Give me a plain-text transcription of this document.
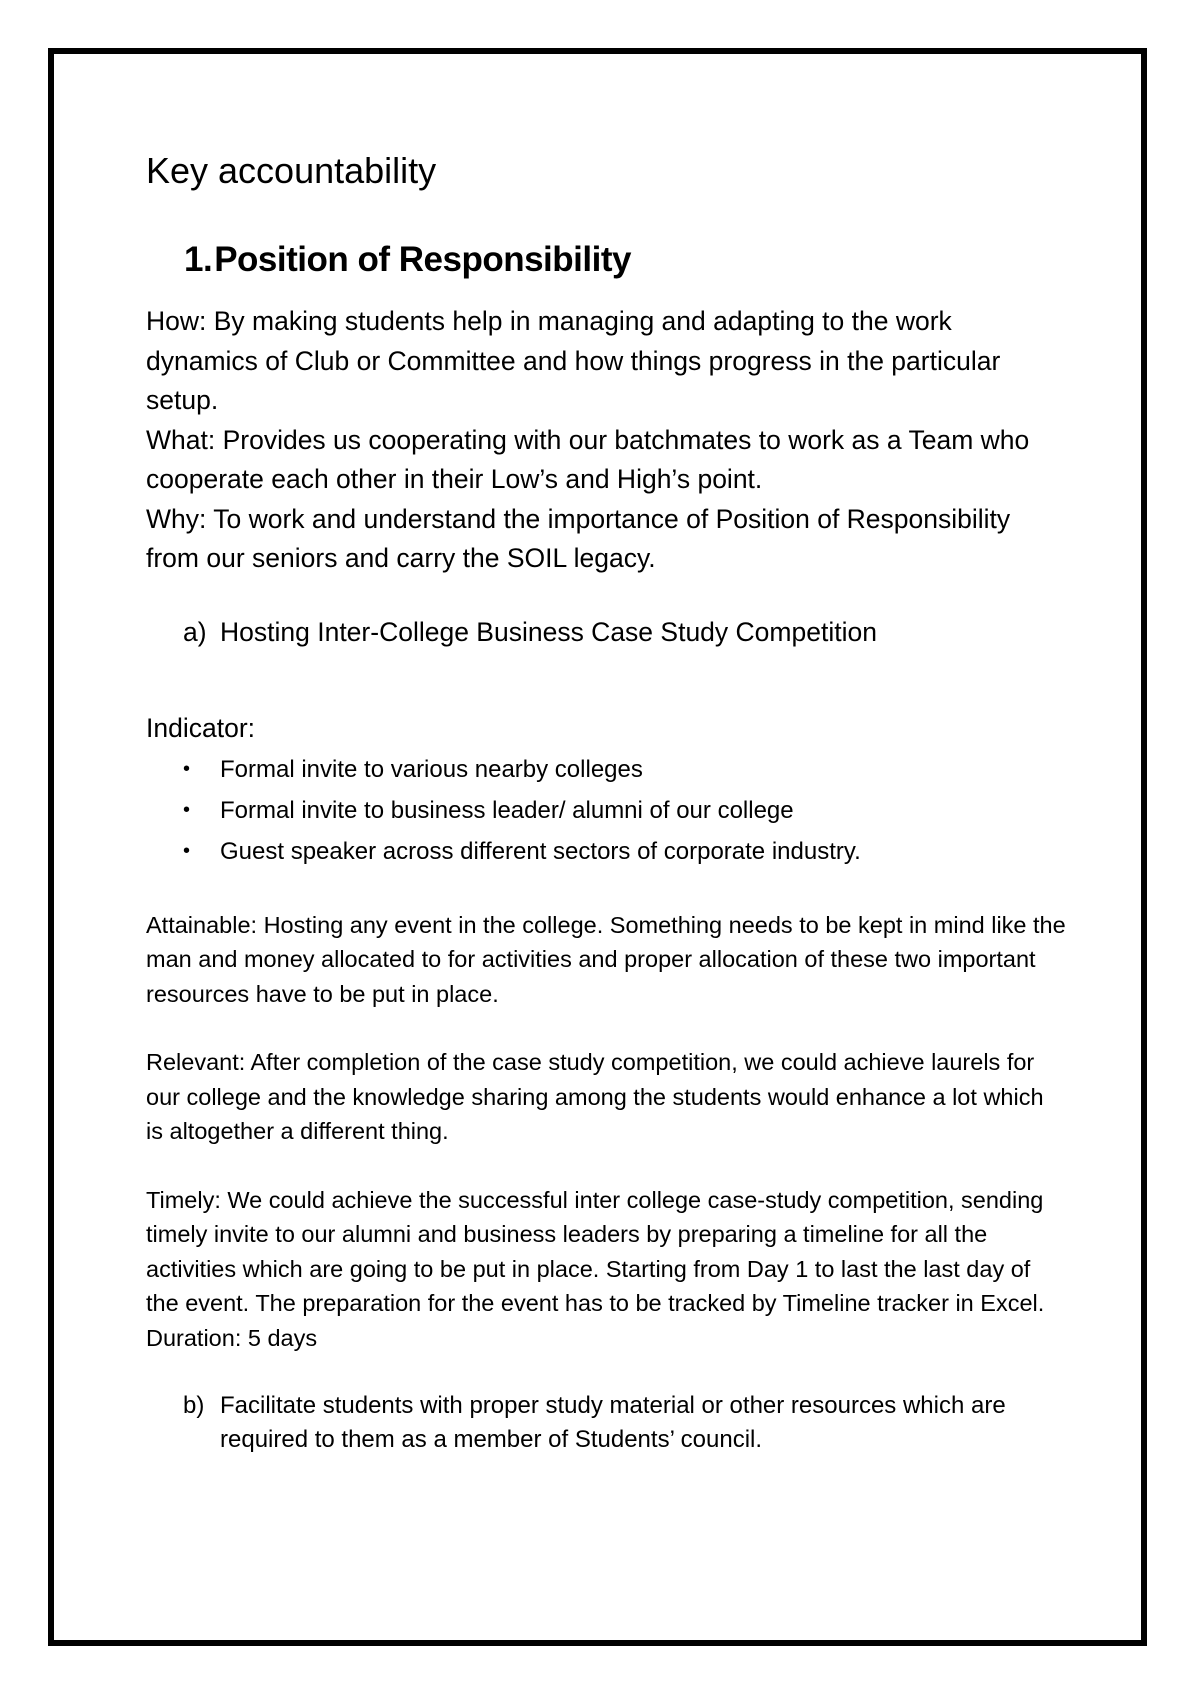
Key accountability
1.Position of Responsibility

How: By making students help in managing and adapting to the work dynamics of Club or Committee and how things progress in the particular setup.

What: Provides us cooperating with our batchmates to work as a Team who cooperate each other in their Low’s and High’s point.

Why: To work and understand the importance of Position of Responsibility from our seniors and carry the SOIL legacy.

a) Hosting Inter-College Business Case Study Competition

Indicator:

•	Formal invite to various nearby colleges
•	Formal invite to business leader/ alumni of our college
•	Guest speaker across different sectors of corporate industry.

Attainable: Hosting any event in the college. Something needs to be kept in mind like the man and money allocated to for activities and proper allocation of these two important resources have to be put in place.

Relevant: After completion of the case study competition, we could achieve laurels for our college and the knowledge sharing among the students would enhance a lot which is altogether a different thing.

Timely: We could achieve the successful inter college case-study competition, sending timely invite to our alumni and business leaders by preparing a timeline for all the activities which are going to be put in place. Starting from Day 1 to last the last day of the event. The preparation for the event has to be tracked by Timeline tracker in Excel.

Duration: 5 days

b) Facilitate students with proper study material or other resources which are required to them as a member of Students’ council.
